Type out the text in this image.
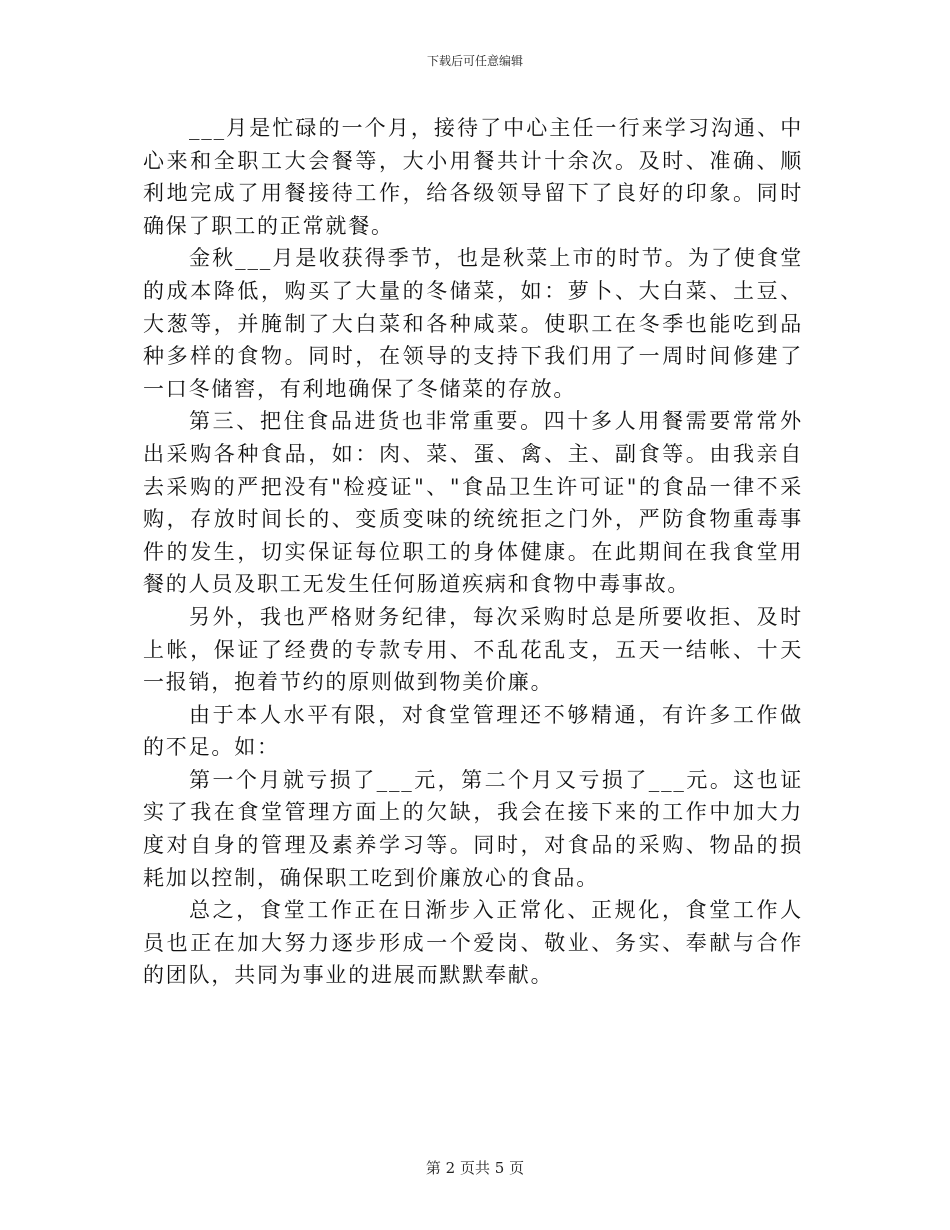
下载后可任意编辑

___月是忙碌的一个月，接待了中心主任一行来学习沟通、中心来和全职工大会餐等，大小用餐共计十余次。及时、准确、顺利地完成了用餐接待工作，给各级领导留下了良好的印象。同时确保了职工的正常就餐。

金秋___月是收获得季节，也是秋菜上市的时节。为了使食堂的成本降低，购买了大量的冬储菜，如：萝卜、大白菜、土豆、大葱等，并腌制了大白菜和各种咸菜。使职工在冬季也能吃到品种多样的食物。同时，在领导的支持下我们用了一周时间修建了一口冬储窖，有利地确保了冬储菜的存放。

第三、把住食品进货也非常重要。四十多人用餐需要常常外出采购各种食品，如：肉、菜、蛋、禽、主、副食等。由我亲自去采购的严把没有"检疫证"、"食品卫生许可证"的食品一律不采购，存放时间长的、变质变味的统统拒之门外，严防食物重毒事件的发生，切实保证每位职工的身体健康。在此期间在我食堂用餐的人员及职工无发生任何肠道疾病和食物中毒事故。

另外，我也严格财务纪律，每次采购时总是所要收拒、及时上帐，保证了经费的专款专用、不乱花乱支，五天一结帐、十天一报销，抱着节约的原则做到物美价廉。

由于本人水平有限，对食堂管理还不够精通，有许多工作做的不足。如：

第一个月就亏损了___元，第二个月又亏损了___元。这也证实了我在食堂管理方面上的欠缺，我会在接下来的工作中加大力度对自身的管理及素养学习等。同时，对食品的采购、物品的损耗加以控制，确保职工吃到价廉放心的食品。

总之，食堂工作正在日渐步入正常化、正规化，食堂工作人员也正在加大努力逐步形成一个爱岗、敬业、务实、奉献与合作的团队，共同为事业的进展而默默奉献。

第 2 页共 5 页
